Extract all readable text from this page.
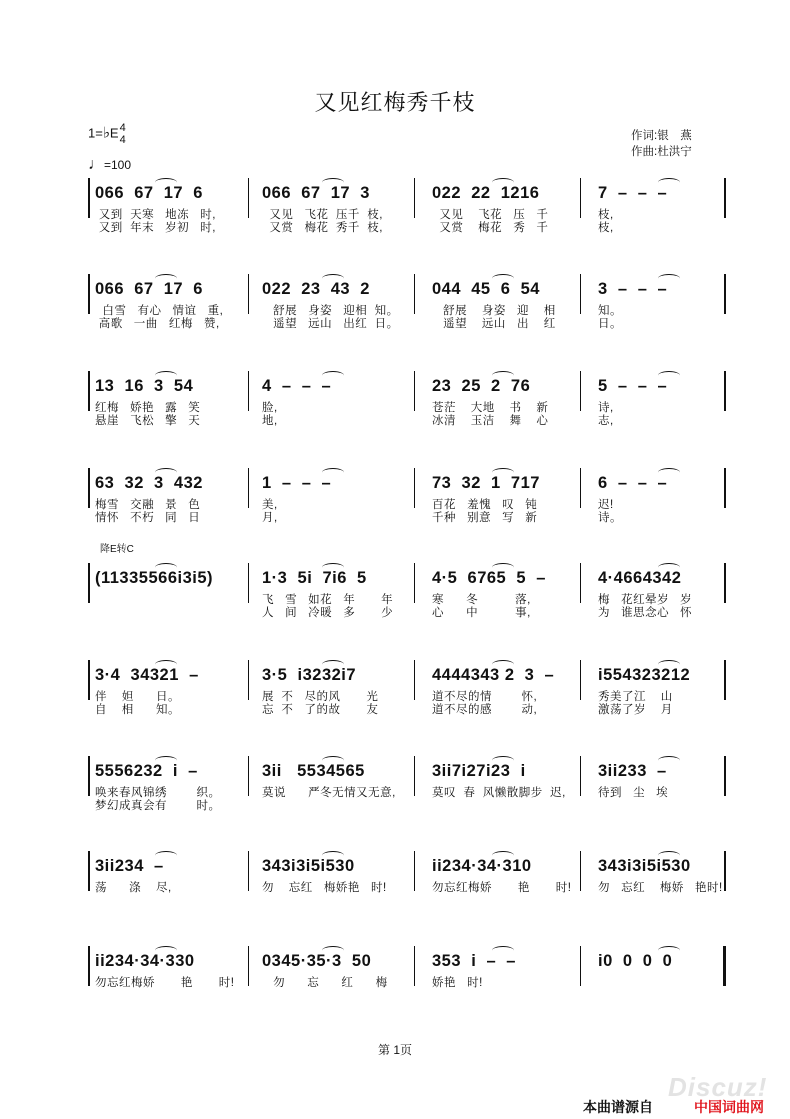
又见红梅秀千枝
1=♭E4
4
♩=100
作词:银　燕
作曲:杜洪宁
降E转C
066  67  17  6
又到  天寒   地冻   时,
又到  年末   岁初   时,
066  67  17  3
又见   飞花  压千  枝,
又赏   梅花  秀千  枝,
022  22  1216
又见    飞花   压   千
又赏    梅花   秀   千
7  –  –  –
枝,
枝,
066  67  17  6
白雪   有心   情谊   重,
高歌   一曲   红梅   赞,
022  23  43  2
舒展   身姿   迎相  知。
遥望   远山   出红  日。
044  45  6  54
舒展    身姿   迎    相
遥望    远山   出    红
3  –  –  –
知。
日。
13  16  3  54
红梅   娇艳   露   笑
悬崖   飞松   擎   天
4  –  –  –
脸,
地,
23  25  2  76
苍茫    大地    书    新
冰清    玉洁    舞    心
5  –  –  –
诗,
志,
63  32  3  432
梅雪   交融   景   色
情怀   不朽   同   日
1  –  –  –
美,
月,
73  32  1  717
百花   羞愧   叹   钝
千种   别意   写   新
6  –  –  –
迟!
诗。
(11335566i3i5)	1·3  5i  7i6  5
飞   雪   如花   年       年
人   间   冷暖   多       少
4·5  6765  5  –
寒      冬          落,
心      中          事,
4·4664342
梅   花红晕岁   岁
为   谁思念心   怀
3·4  34321  –
伴    妲      日。
自    相      知。
3·5  i3232i7
展  不   尽的风       光
忘  不   了的故       友
4444343 2  3  –
道不尽的情        怀,
道不尽的感        动,
i554323212
秀美了江    山
激荡了岁    月
5556232  i  –
唤来春风锦绣        织。
梦幻成真会有        时。
3ii   5534565
莫说      严冬无情又无意,
3ii7i27i23  i
莫叹  春  风懒散脚步  迟,
3ii233  –
待到   尘   埃
3ii234  –
荡      涤    尽,
343i3i5i530
勿    忘红   梅娇艳   时!
ii234·34·310
勿忘红梅娇       艳       时!
343i3i5i530
勿   忘红    梅娇   艳时!
ii234·34·330
勿忘红梅娇       艳       时!
0345·35·3  50
勿      忘      红      梅
353  i  –  –
娇艳   时!
i0  0  0  0
第 1页
Discuz!
本曲谱源自	中国词曲网
